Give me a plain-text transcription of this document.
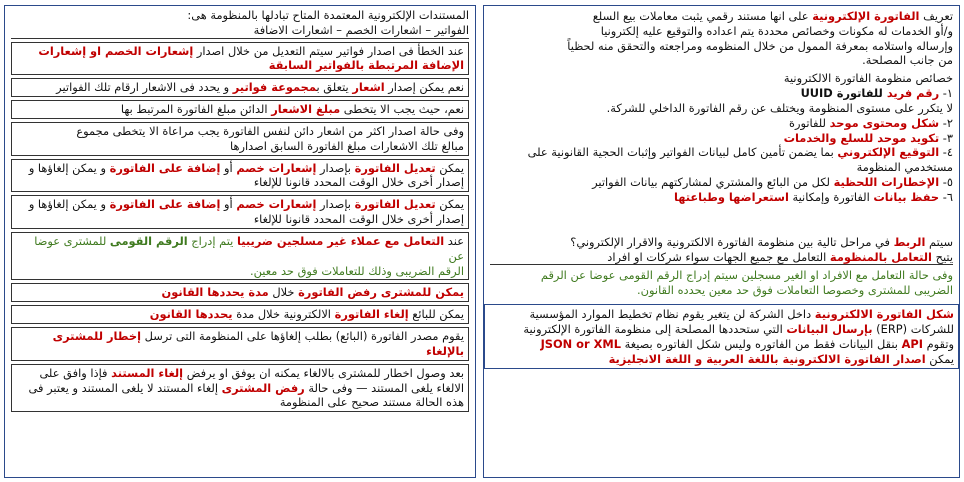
تعريف الفاتورة الإلكترونية على انها مستند رقمي يثبت معاملات بيع السلع

و/أو الخدمات له مكونات وخصائص محددة يتم اعداده والتوقيع عليه إلكترونيا

وإرساله واستلامه بمعرفة الممول من خلال المنظومه ومراجعته والتحقق منه لحظياً

من جانب المصلحة.

خصائص منظومة الفاتورة الالكترونية

١- رقم فريد للفاتورة UUID

لا يتكرر على مستوى المنظومة ويختلف عن رقم الفاتورة الداخلي للشركة.

٢- شكل ومحتوى موحد للفاتورة

٣- تكويد موحد للسلع والخدمات

٤- التوقيع الإلكتروني بما يضمن تأمين كامل لبيانات الفواتير وإثبات الحجية القانونية على

مستخدمي المنظومة

٥- الإخطارات اللحظية لكل من البائع والمشتري لمشاركتهم بيانات الفواتير

٦- حفظ بيانات الفاتورة وإمكانية استعراضها وطباعتها

سيتم الربط في مراحل تالية بين منظومة الفاتورة الالكترونية والاقرار الإلكتروني؟

يتيح التعامل بالمنظومة التعامل مع جميع الجهات سواء شركات او افراد

وفى حالة التعامل مع الافراد او الغير مسجلين سيتم إدراج الرقم القومى عوضا عن الرقم

الضريبى للمشترى وخصوصا التعاملات فوق حد معين يحدده القانون.

شكل الفاتورة الالكترونية داخل الشركة لن يتغير يقوم نظام تخطيط الموارد المؤسسية

للشركات (ERP) بإرسال البيانات التي ستحددها المصلحة إلى منظومة الفاتورة الإلكترونية

وتقوم API بنقل البيانات فقط من الفاتوره وليس شكل الفاتوره بصيغة JSON or XML

يمكن اصدار الفاتورة الالكترونية باللغة العربية و اللغة الانجليزية

المستندات الإلكترونية المعتمدة المتاح تبادلها بالمنظومة هى:

الفواتير – اشعارات الخصم – اشعارات الاضافة

عند الخطأ فى اصدار فواتير سيتم التعديل من خلال اصدار إشعارات الخصم او إشعارات

الإضافة المرتبطة بالفواتير السابقة

نعم يمكن إصدار اشعار يتعلق بمجموعة فواتير و يحدد فى الاشعار ارقام تلك الفواتير

نعم، حيث يجب الا يتخطى مبلغ الاشعار الدائن مبلغ الفاتورة المرتبط بها

وفى حالة اصدار اكثر من اشعار دائن لنفس الفاتورة يجب مراعاة الا يتخطى مجموع

مبالغ تلك الاشعارات مبلغ الفاتورة السابق اصدارها

يمكن تعديل الفاتورة بإصدار إشعارات خصم أو إضافة على الفاتورة و يمكن إلغاؤها و

إصدار أخرى خلال الوقت المحدد قانونا للإلغاء

يمكن تعديل الفاتورة بإصدار إشعارات خصم أو إضافة على الفاتورة و يمكن إلغاؤها و

إصدار أخرى خلال الوقت المحدد قانونا للإلغاء

عند التعامل مع عملاء غير مسلجين ضريبيا يتم إدراج الرقم القومى للمشترى عوضا عن

الرقم الضريبى وذلك للتعاملات فوق حد معين.

يمكن للمشترى رفض الفاتورة خلال مدة يحددها القانون

يمكن للبائع إلغاء الفاتورة الالكترونية خلال مدة يحددها القانون

يقوم مصدر الفاتورة (البائع) بطلب إلغاؤها على المنظومة التى ترسل إخطار للمشترى

بالإلغاء

بعد وصول اخطار للمشترى بالالغاء يمكنه ان يوفق او يرفض إلغاء المستند فإذا وافق على

الالغاء يلغى المستند — وفى حالة رفض المشترى إلغاء المستند لا يلغى المستند و يعتبر فى

هذه الحالة مستند صحيح على المنظومة
